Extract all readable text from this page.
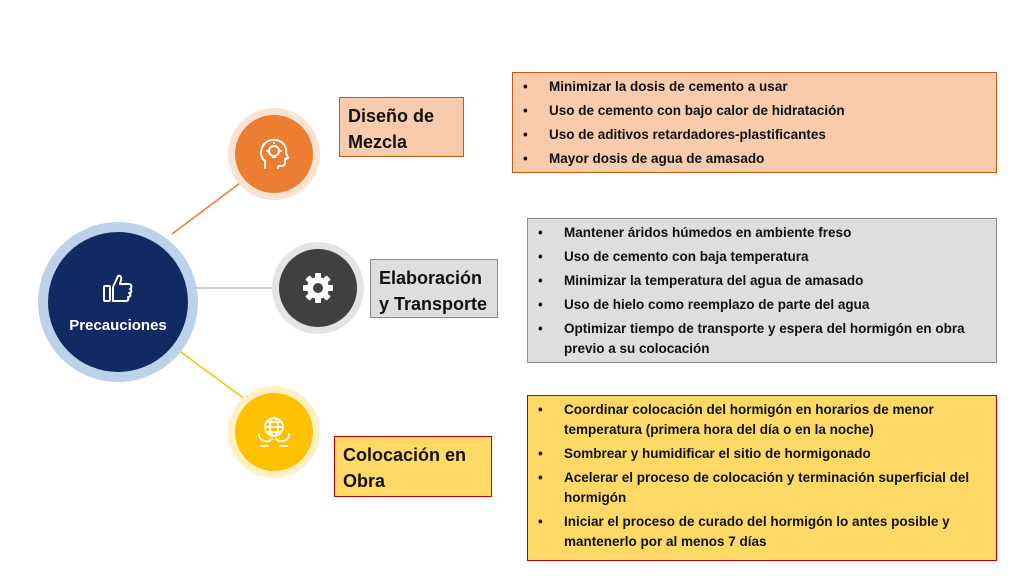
Precauciones
Diseño de Mezcla
• Minimizar la dosis de cemento a usar
• Uso de cemento con bajo calor de hidratación
• Uso de aditivos retardadores-plastificantes
• Mayor dosis de agua de amasado
Elaboración y Transporte
• Mantener áridos húmedos en ambiente freso
• Uso de cemento con baja temperatura
• Minimizar la temperatura del agua de amasado
• Uso de hielo como reemplazo de parte del agua
• Optimizar tiempo de transporte y espera del hormigón en obra previo a su colocación
Colocación en Obra
• Coordinar colocación del hormigón en horarios de menor temperatura (primera hora del día o en la noche)
• Sombrear y humidificar el sitio de hormigonado
• Acelerar el proceso de colocación y terminación superficial del hormigón
• Iniciar el proceso de curado del hormigón lo antes posible y mantenerlo por al menos 7 días
